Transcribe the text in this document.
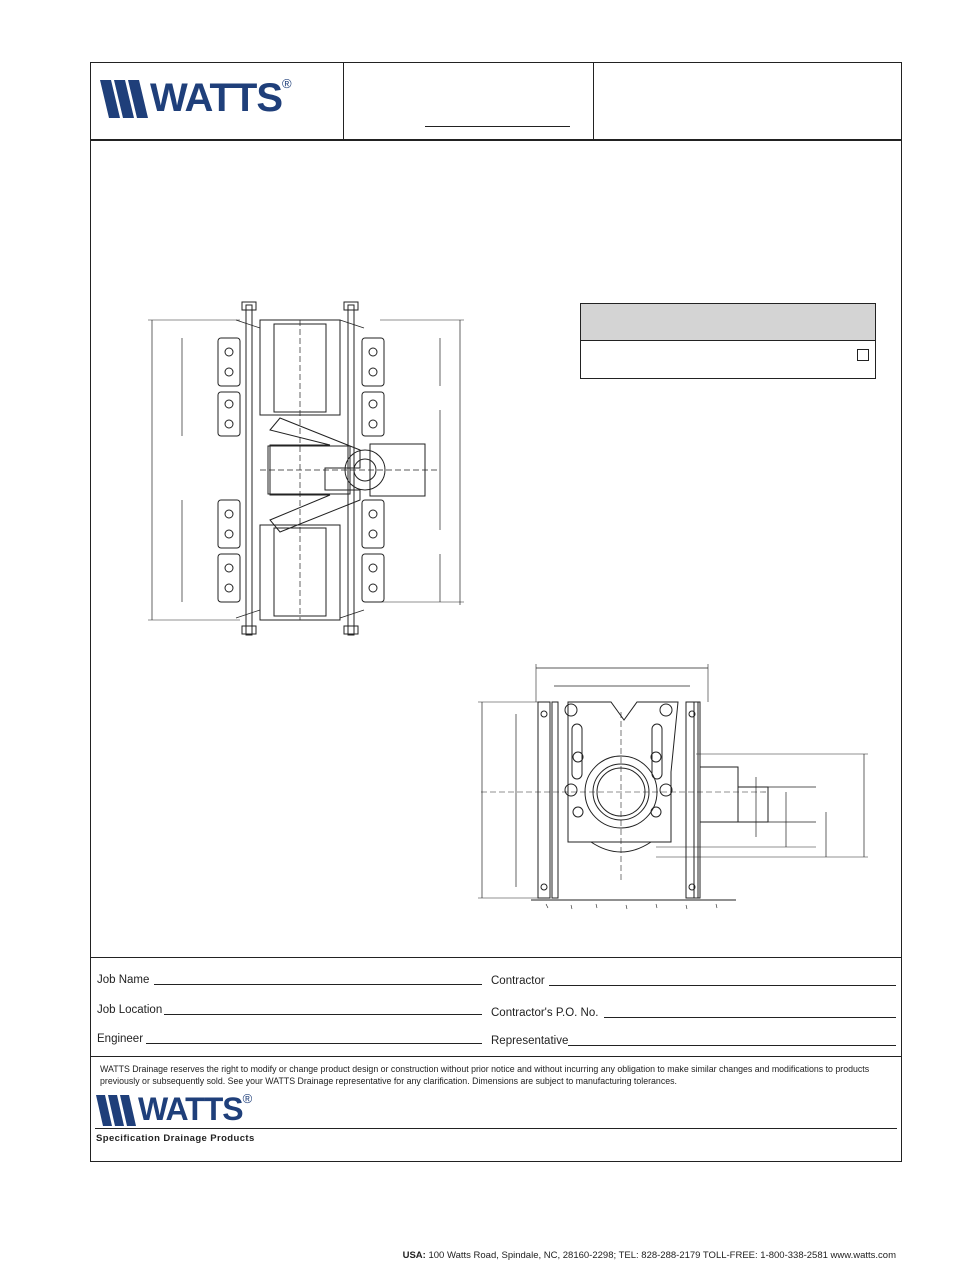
WATTS®
Job Name
Job Location
Engineer
Contractor
Contractor's P.O. No.
Representative
WATTS Drainage reserves the right to modify or change product design or construction without prior notice and without incurring any obligation to make similar changes and modifications to products previously or subsequently sold. See your WATTS Drainage representative for any clarification. Dimensions are subject to manufacturing tolerances.
WATTS®
Specification Drainage Products
USA: 100 Watts Road, Spindale, NC, 28160-2298; TEL: 828-288-2179 TOLL-FREE: 1-800-338-2581 www.watts.com
